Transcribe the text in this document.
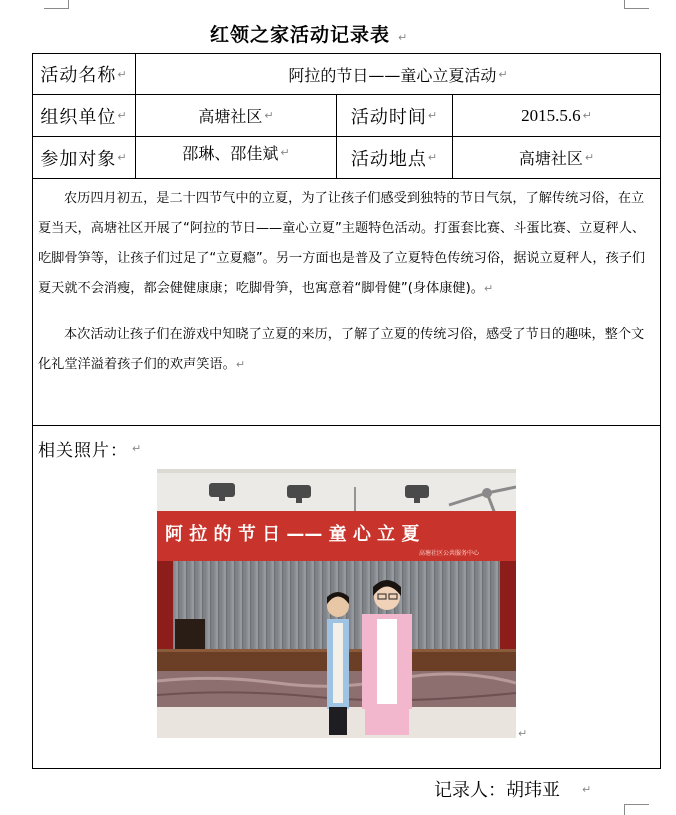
红领之家活动记录表 ↵
活动名称 ↵	阿拉的节日——童心立夏活动 ↵
组织单位 ↵	高塘社区 ↵	活动时间 ↵	2015.5.6 ↵
参加对象 ↵	邵琳、邵佳斌 ↵	活动地点 ↵	高塘社区 ↵
农历四月初五，是二十四节气中的立夏，为了让孩子们感受到独特的节日气氛，了解传统习俗，在立夏当天，高塘社区开展了“阿拉的节日——童心立夏”主题特色活动。打蛋套比赛、斗蛋比赛、立夏秤人、吃脚骨笋等，让孩子们过足了“立夏瘾”。另一方面也是普及了立夏特色传统习俗，据说立夏秤人，孩子们夏天就不会消瘦，都会健健康康；吃脚骨笋，也寓意着“脚骨健”(身体康健)。↵
本次活动让孩子们在游戏中知晓了立夏的来历，了解了立夏的传统习俗，感受了节日的趣味，整个文化礼堂洋溢着孩子们的欢声笑语。↵
相关照片： ↵
阿 拉 的 节 日 —— 童 心 立 夏
高塘社区公共服务中心
↵
记录人： 胡玮亚 ↵
